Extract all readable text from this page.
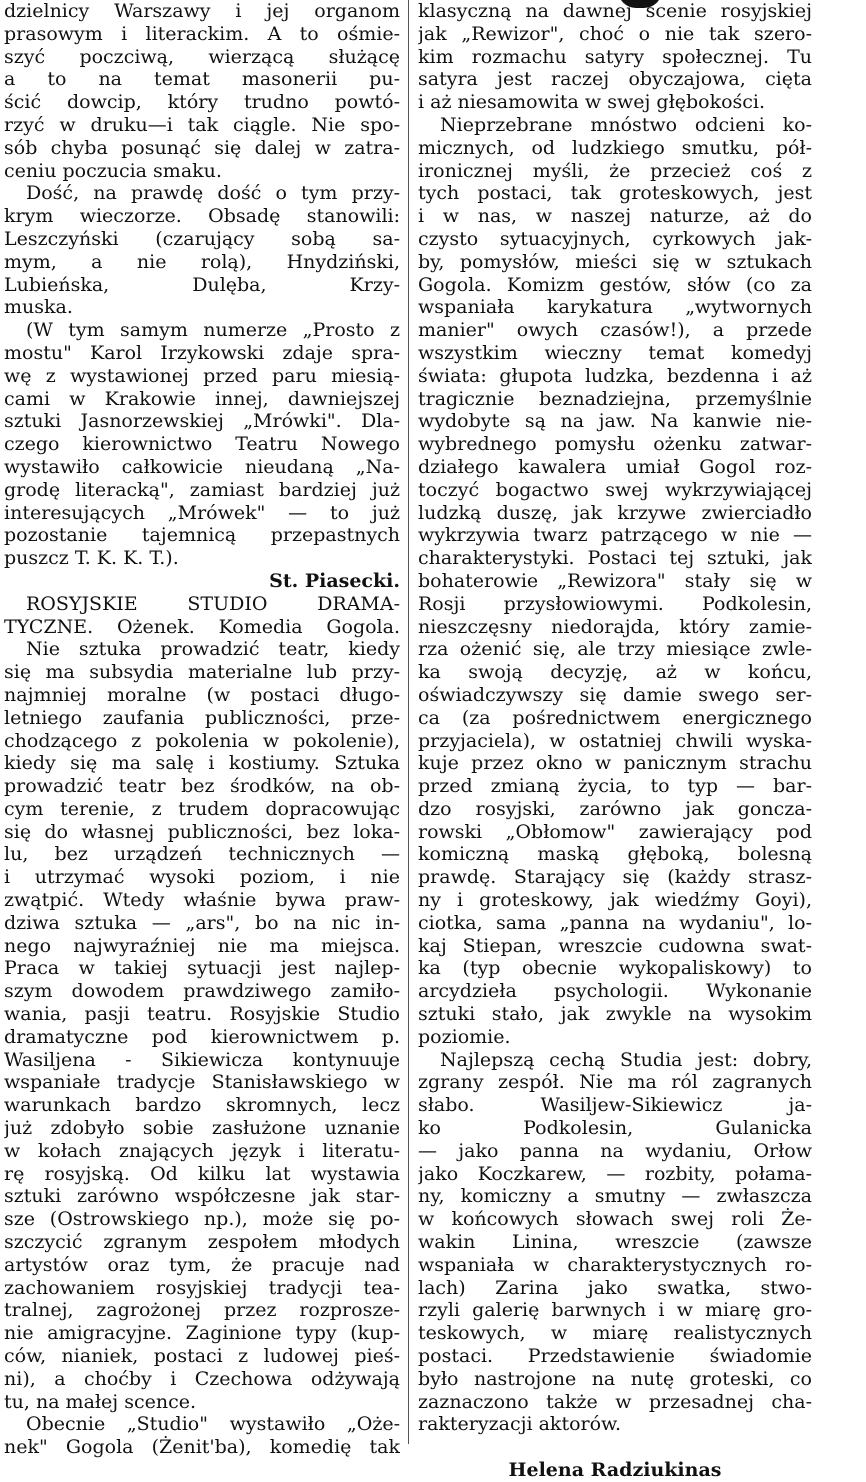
dzielnicy Warszawy i jej organom
prasowym i literackim. A to ośmie-
szyć poczciwą, wierzącą służącę
a to na temat masonerii pu-
ścić dowcip, który trudno powtó-
rzyć w druku—i tak ciągle. Nie spo-
sób chyba posunąć się dalej w zatra-
ceniu poczucia smaku.
Dość, na prawdę dość o tym przy-
krym wieczorze. Obsadę stanowili:
Leszczyński (czarujący sobą sa-
mym, a nie rolą), Hnydziński,
Lubieńska, Dulęba, Krzy-
muska.
(W tym samym numerze „Prosto z
mostu" Karol Irzykowski zdaje spra-
wę z wystawionej przed paru miesią-
cami w Krakowie innej, dawniejszej
sztuki Jasnorzewskiej „Mrówki". Dla-
czego kierownictwo Teatru Nowego
wystawiło całkowicie nieudaną „Na-
grodę literacką", zamiast bardziej już
interesujących „Mrówek" — to już
pozostanie tajemnicą przepastnych
puszcz T. K. K. T.).
St. Piasecki.
ROSYJSKIE STUDIO DRAMA-
TYCZNE. Ożenek. Komedia Gogola.
Nie sztuka prowadzić teatr, kiedy
się ma subsydia materialne lub przy-
najmniej moralne (w postaci długo-
letniego zaufania publiczności, prze-
chodzącego z pokolenia w pokolenie),
kiedy się ma salę i kostiumy. Sztuka
prowadzić teatr bez środków, na ob-
cym terenie, z trudem dopracowując
się do własnej publiczności, bez loka-
lu, bez urządzeń technicznych —
i utrzymać wysoki poziom, i nie
zwątpić. Wtedy właśnie bywa praw-
dziwa sztuka — „ars", bo na nic in-
nego najwyraźniej nie ma miejsca.
Praca w takiej sytuacji jest najlep-
szym dowodem prawdziwego zamiło-
wania, pasji teatru. Rosyjskie Studio
dramatyczne pod kierownictwem p.
Wasiljena - Sikiewicza kontynuuje
wspaniałe tradycje Stanisławskiego w
warunkach bardzo skromnych, lecz
już zdobyło sobie zasłużone uznanie
w kołach znających język i literatu-
rę rosyjską. Od kilku lat wystawia
sztuki zarówno współczesne jak star-
sze (Ostrowskiego np.), może się po-
szczycić zgranym zespołem młodych
artystów oraz tym, że pracuje nad
zachowaniem rosyjskiej tradycji tea-
tralnej, zagrożonej przez rozprosze-
nie amigracyjne. Zaginione typy (kup-
ców, nianiek, postaci z ludowej pieś-
ni), a choćby i Czechowa odżywają
tu, na małej scence.
Obecnie „Studio" wystawiło „Oże-
nek" Gogola (Żenit'ba), komedię tak
klasyczną na dawnej scenie rosyjskiej
jak „Rewizor", choć o nie tak szero-
kim rozmachu satyry społecznej. Tu
satyra jest raczej obyczajowa, cięta
i aż niesamowita w swej głębokości.
Nieprzebrane mnóstwo odcieni ko-
micznych, od ludzkiego smutku, pół-
ironicznej myśli, że przecież coś z
tych postaci, tak groteskowych, jest
i w nas, w naszej naturze, aż do
czysto sytuacyjnych, cyrkowych jak-
by, pomysłów, mieści się w sztukach
Gogola. Komizm gestów, słów (co za
wspaniała karykatura „wytwornych
manier" owych czasów!), a przede
wszystkim wieczny temat komedyj
świata: głupota ludzka, bezdenna i aż
tragicznie beznadziejna, przemyślnie
wydobyte są na jaw. Na kanwie nie-
wybrednego pomysłu ożenku zatwar-
działego kawalera umiał Gogol roz-
toczyć bogactwo swej wykrzywiającej
ludzką duszę, jak krzywe zwierciadło
wykrzywia twarz patrzącego w nie —
charakterystyki. Postaci tej sztuki, jak
bohaterowie „Rewizora" stały się w
Rosji przysłowiowymi. Podkolesin,
nieszczęsny niedorajda, który zamie-
rza ożenić się, ale trzy miesiące zwle-
ka swoją decyzję, aż w końcu,
oświadczywszy się damie swego ser-
ca (za pośrednictwem energicznego
przyjaciela), w ostatniej chwili wyska-
kuje przez okno w panicznym strachu
przed zmianą życia, to typ — bar-
dzo rosyjski, zarówno jak goncza-
rowski „Obłomow" zawierający pod
komiczną maską głęboką, bolesną
prawdę. Starający się (każdy strasz-
ny i groteskowy, jak wiedźmy Goyi),
ciotka, sama „panna na wydaniu", lo-
kaj Stiepan, wreszcie cudowna swat-
ka (typ obecnie wykopaliskowy) to
arcydzieła psychologii. Wykonanie
sztuki stało, jak zwykle na wysokim
poziomie.
Najlepszą cechą Studia jest: dobry,
zgrany zespół. Nie ma ról zagranych
słabo. Wasiljew-Sikiewicz ja-
ko Podkolesin, Gulanicka
— jako panna na wydaniu, Orłow
jako Koczkarew, — rozbity, połama-
ny, komiczny a smutny — zwłaszcza
w końcowych słowach swej roli Że-
wakin Linina, wreszcie (zawsze
wspaniała w charakterystycznych ro-
lach) Zarina jako swatka, stwo-
rzyli galerię barwnych i w miarę gro-
teskowych, w miarę realistycznych
postaci. Przedstawienie świadomie
było nastrojone na nutę groteski, co
zaznaczono także w przesadnej cha-
rakteryzacji aktorów.
Helena Radziukinas
